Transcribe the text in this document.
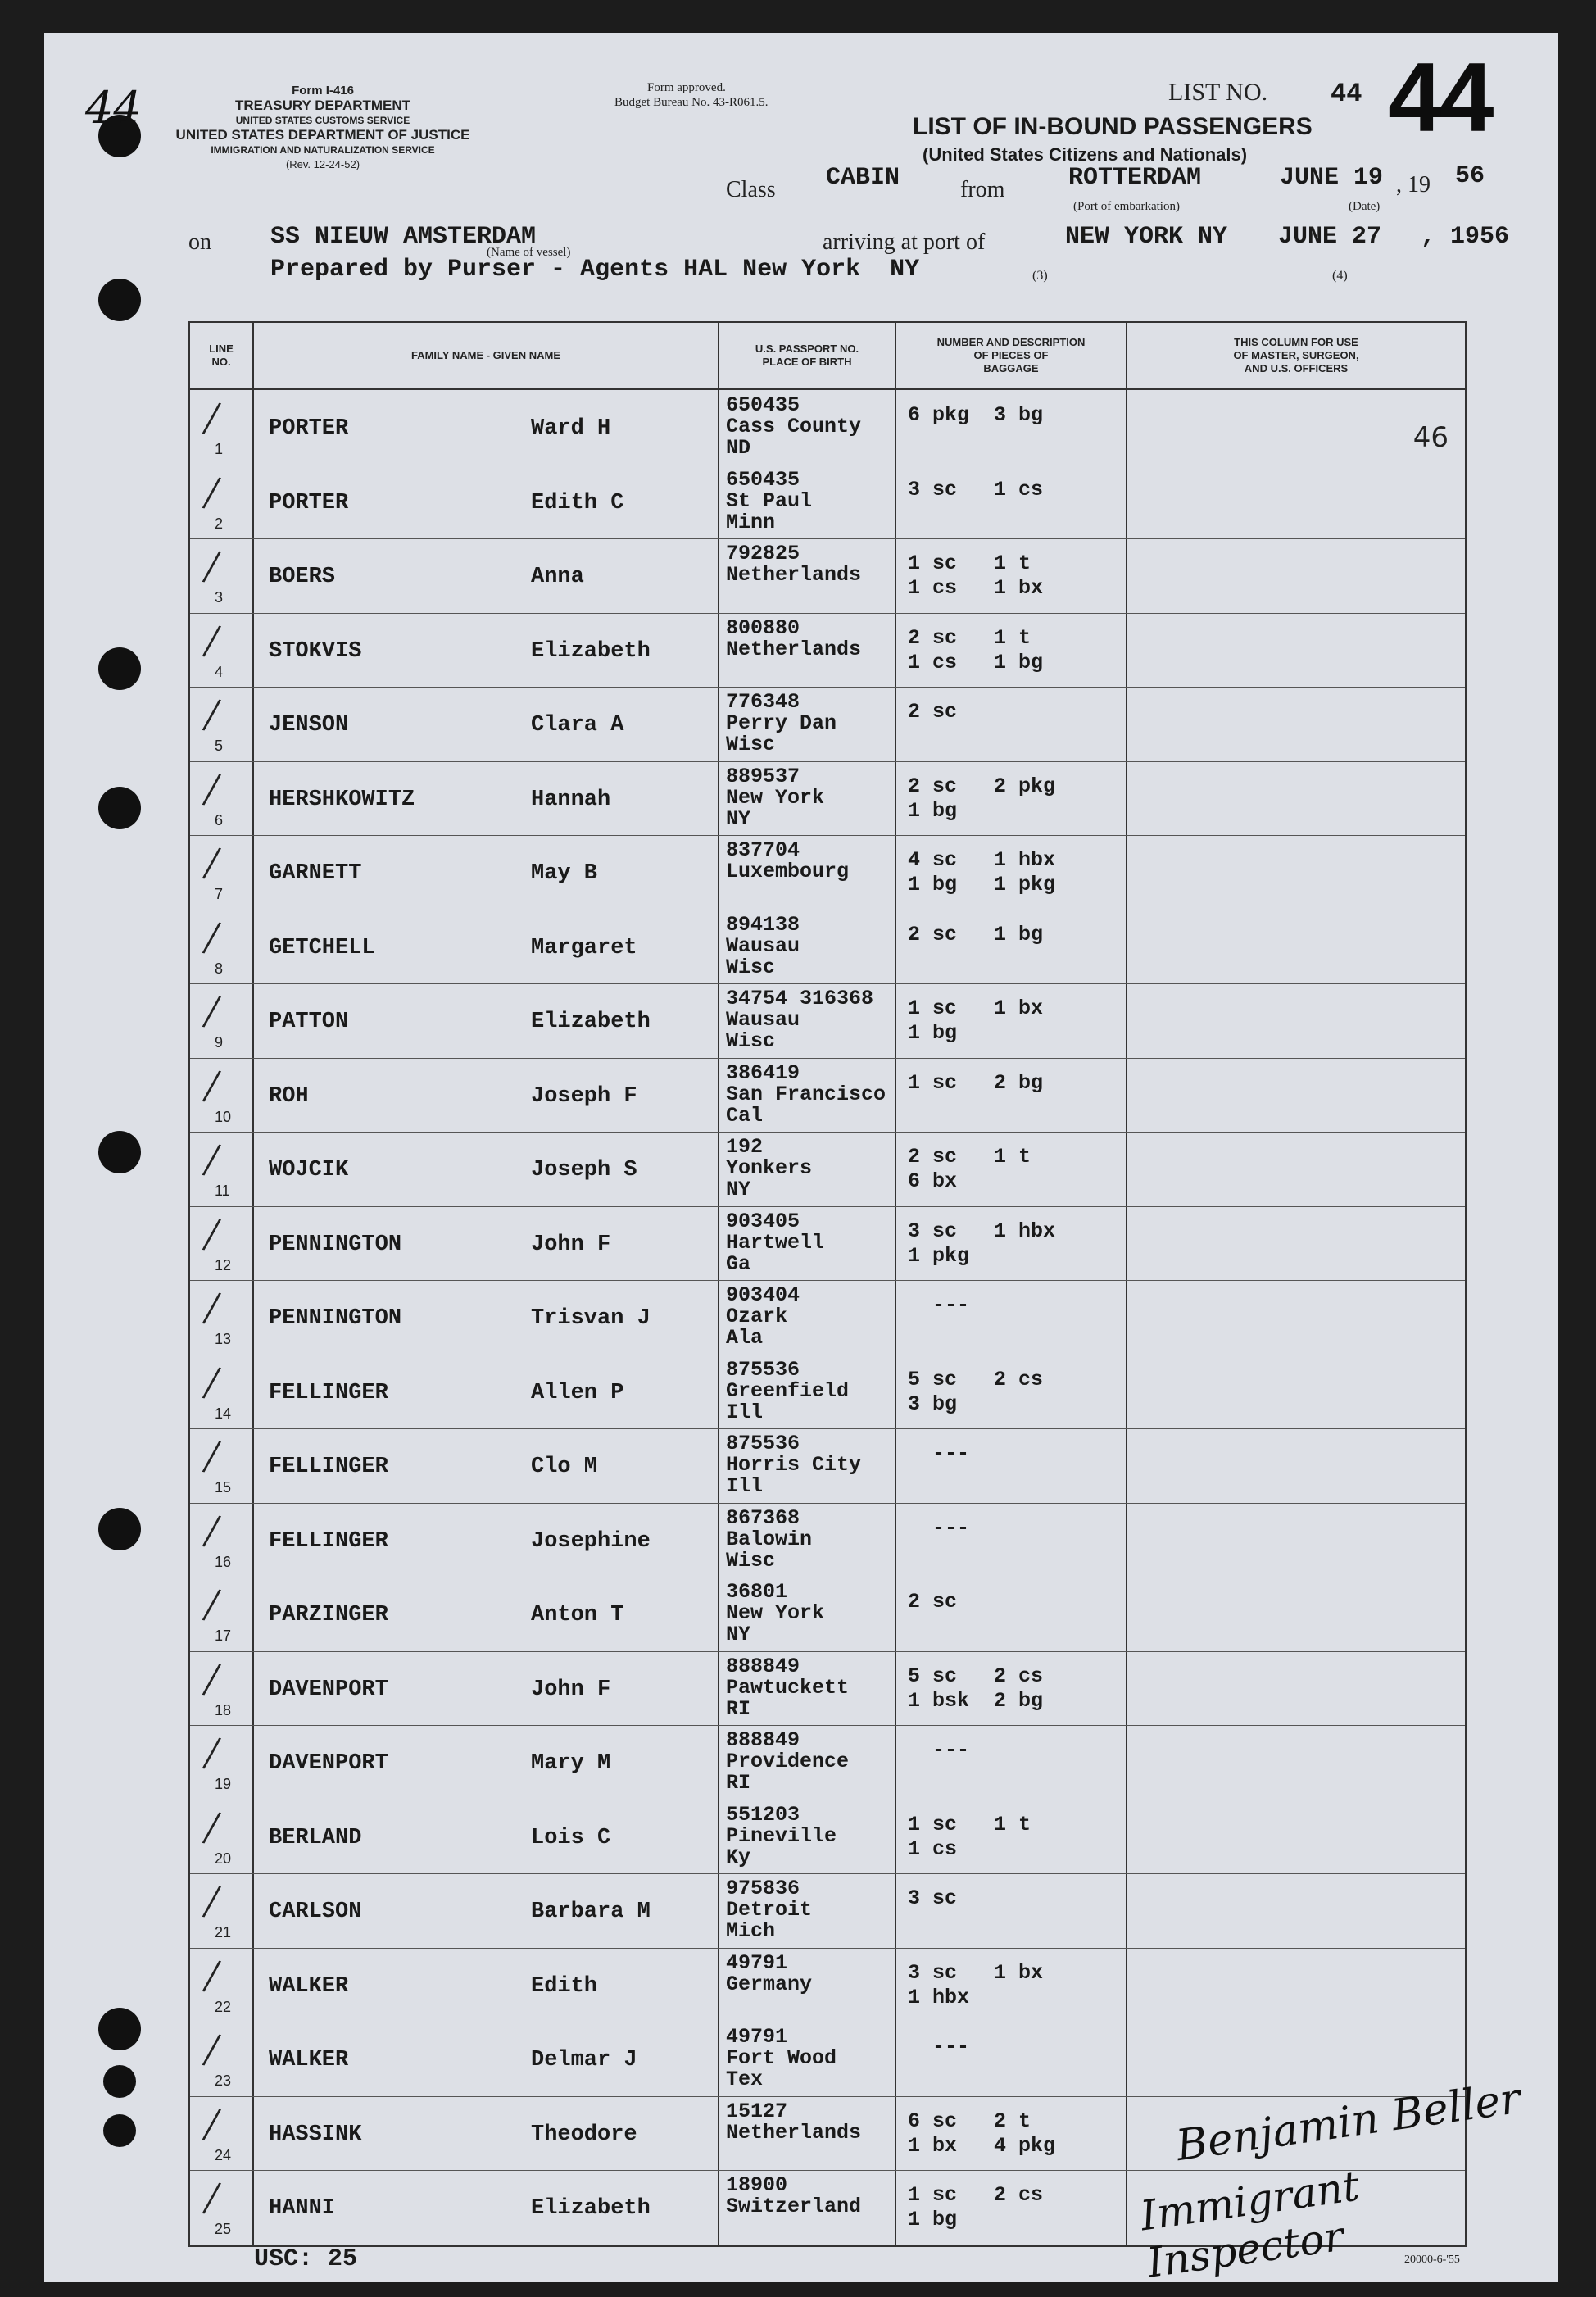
44	Form I-416
TREASURY DEPARTMENT
UNITED STATES CUSTOMS SERVICE
UNITED STATES DEPARTMENT OF JUSTICE
IMMIGRATION AND NATURALIZATION SERVICE
(Rev. 12-24-52)
Form approved.
Budget Bureau No. 43-R061.5.	LIST NO. 44 44
LIST OF IN-BOUND PASSENGERS
(United States Citizens and Nationals)
Class CABIN	from	ROTTERDAM	JUNE 19 , 19 56
(Port of embarkation)	(Date)
on SS NIEUW AMSTERDAM
(Name of vessel)	arriving at port of	NEW YORK NY JUNE 27 , 1956
Prepared by Purser - Agents HAL New York  NY	(3)	(4)
LINE
NO.
FAMILY NAME - GIVEN NAME
U.S. PASSPORT NO.
PLACE OF BIRTH
NUMBER AND DESCRIPTION
OF PIECES OF
BAGGAGE
THIS COLUMN FOR USE
OF MASTER, SURGEON,
AND U.S. OFFICERS
46
/
1
PORTER	Ward H
650435
Cass County
ND
6 pkg  3 bg
/
2
PORTER	Edith C
650435
St Paul
Minn
3 sc   1 cs
/
3
BOERS	Anna
792825
Netherlands 1 sc   1 t
1 cs   1 bx
/
4
STOKVIS	Elizabeth
800880
Netherlands 2 sc   1 t
1 cs   1 bg
/
5
JENSON	Clara A
776348
Perry Dan
Wisc
2 sc
/
6
HERSHKOWITZ	Hannah
889537
New York
NY
2 sc   2 pkg
1 bg
/
7
GARNETT	May B
837704
Luxembourg	4 sc   1 hbx
1 bg   1 pkg
/
8
GETCHELL	Margaret
894138
Wausau
Wisc
2 sc   1 bg
/
9
PATTON	Elizabeth
34754 316368
Wausau
Wisc
1 sc   1 bx
1 bg
/
10
ROH	Joseph F
386419
San Francisco
Cal
1 sc   2 bg
/
11
WOJCIK	Joseph S
192
Yonkers
NY
2 sc   1 t
6 bx
/
12
PENNINGTON	John F
903405
Hartwell
Ga
3 sc   1 hbx
1 pkg
/
13
PENNINGTON	Trisvan J
903404
Ozark
Ala
---
/
14
FELLINGER	Allen P
875536
Greenfield
Ill
5 sc   2 cs
3 bg
/
15
FELLINGER	Clo M
875536
Horris City
Ill
---
/
16
FELLINGER	Josephine
867368
Balowin
Wisc
---
/
17
PARZINGER	Anton T
36801
New York
NY
2 sc
/
18
DAVENPORT	John F
888849
Pawtuckett
RI
5 sc   2 cs
1 bsk  2 bg
/
19
DAVENPORT	Mary M
888849
Providence
RI
---
/
20
BERLAND	Lois C
551203
Pineville
Ky
1 sc   1 t
1 cs
/
21
CARLSON	Barbara M
975836
Detroit
Mich
3 sc
/
22
WALKER	Edith
49791
Germany	3 sc   1 bx
1 hbx
/
23
WALKER	Delmar J
49791
Fort Wood
Tex
---
/
24
HASSINK	Theodore
15127
Netherlands 6 sc   2 t
1 bx   4 pkg
/
25
HANNI	Elizabeth
18900
Switzerland 1 sc   2 cs
1 bg
USC: 25	20000-6-'55
Benjamin Beller
Immigrant Inspector
